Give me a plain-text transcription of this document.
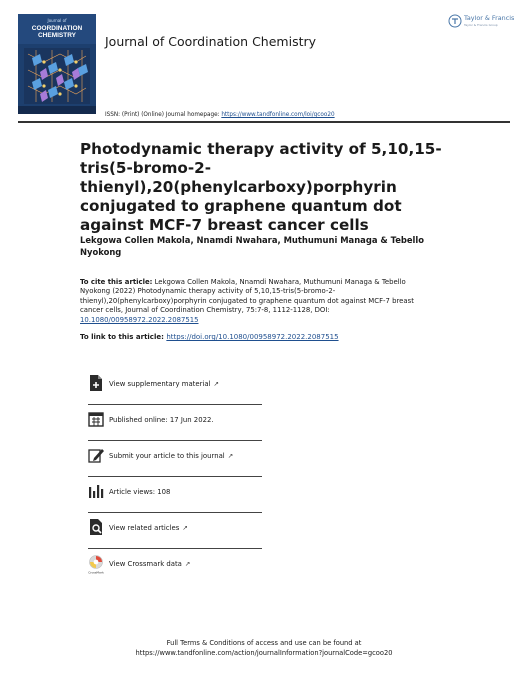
Journal of
COORDINATION
CHEMISTRY	Journal of Coordination Chemistry
Taylor & Francis
Taylor & Francis Group
ISSN: (Print) (Online) Journal homepage: https://www.tandfonline.com/loi/gcoo20
Photodynamic therapy activity of 5,10,15-tris(5-bromo-2-thienyl),20(phenylcarboxy)porphyrin conjugated to graphene quantum dot against MCF-7 breast cancer cells
Lekgowa Collen Makola, Nnamdi Nwahara, Muthumuni Managa & Tebello Nyokong
To cite this article: Lekgowa Collen Makola, Nnamdi Nwahara, Muthumuni Managa & Tebello Nyokong (2022) Photodynamic therapy activity of 5,10,15-tris(5-bromo-2-thienyl),20(phenylcarboxy)porphyrin conjugated to graphene quantum dot against MCF-7 breast cancer cells, Journal of Coordination Chemistry, 75:7-8, 1112-1128, DOI: 10.1080/00958972.2022.2087515
To link to this article: https://doi.org/10.1080/00958972.2022.2087515
View supplementary material ↗
Published online: 17 Jun 2022.
Submit your article to this journal ↗
Article views: 108
View related articles ↗
CrossMark
View Crossmark data ↗
Full Terms & Conditions of access and use can be found at
https://www.tandfonline.com/action/journalInformation?journalCode=gcoo20
